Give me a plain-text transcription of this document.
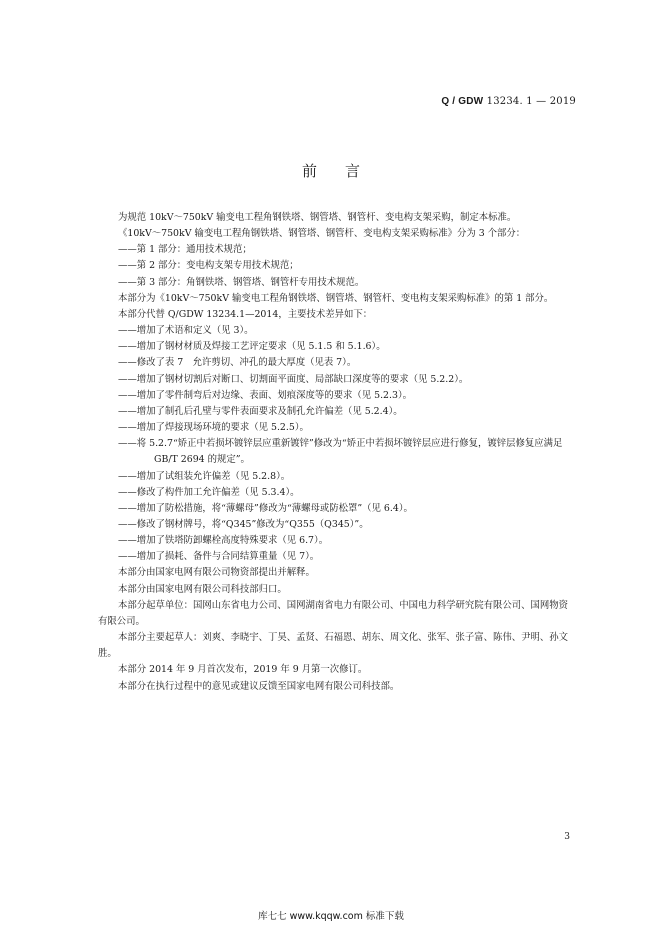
Q / GDW 13234. 1 — 2019
前言

为规范 10kV～750kV 输变电工程角钢铁塔、钢管塔、钢管杆、变电构支架采购，制定本标准。

《10kV～750kV 输变电工程角钢铁塔、钢管塔、钢管杆、变电构支架采购标准》分为 3 个部分：

——第 1 部分：通用技术规范；

——第 2 部分：变电构支架专用技术规范；

——第 3 部分：角钢铁塔、钢管塔、钢管杆专用技术规范。

本部分为《10kV～750kV 输变电工程角钢铁塔、钢管塔、钢管杆、变电构支架采购标准》的第 1 部分。

本部分代替 Q/GDW 13234.1—2014，主要技术差异如下：

——增加了术语和定义（见 3）。

——增加了钢材材质及焊接工艺评定要求（见 5.1.5 和 5.1.6）。

——修改了表 7　允许剪切、冲孔的最大厚度（见表 7）。

——增加了钢材切割后对断口、切割面平面度、局部缺口深度等的要求（见 5.2.2）。

——增加了零件制弯后对边缘、表面、划痕深度等的要求（见 5.2.3）。

——增加了制孔后孔壁与零件表面要求及制孔允许偏差（见 5.2.4）。

——增加了焊接现场环境的要求（见 5.2.5）。

——将 5.2.7“矫正中若损坏镀锌层应重新镀锌”修改为“矫正中若损坏镀锌层应进行修复，镀锌层修复应满足 GB/T 2694 的规定”。

——增加了试组装允许偏差（见 5.2.8）。

——修改了构件加工允许偏差（见 5.3.4）。

——增加了防松措施，将“薄螺母”修改为“薄螺母或防松罩”（见 6.4）。

——修改了钢材牌号，将“Q345”修改为“Q355（Q345）”。

——增加了铁塔防卸螺栓高度特殊要求（见 6.7）。

——增加了损耗、备件与合同结算重量（见 7）。

本部分由国家电网有限公司物资部提出并解释。

本部分由国家电网有限公司科技部归口。

本部分起草单位：国网山东省电力公司、国网湖南省电力有限公司、中国电力科学研究院有限公司、国网物资有限公司。

本部分主要起草人：刘爽、李晓宇、丁昊、孟贤、石福恩、胡东、周文化、张军、张子富、陈伟、尹明、孙文胜。

本部分 2014 年 9 月首次发布，2019 年 9 月第一次修订。

本部分在执行过程中的意见或建议反馈至国家电网有限公司科技部。

3
库七七 www.kqqw.com 标准下载
